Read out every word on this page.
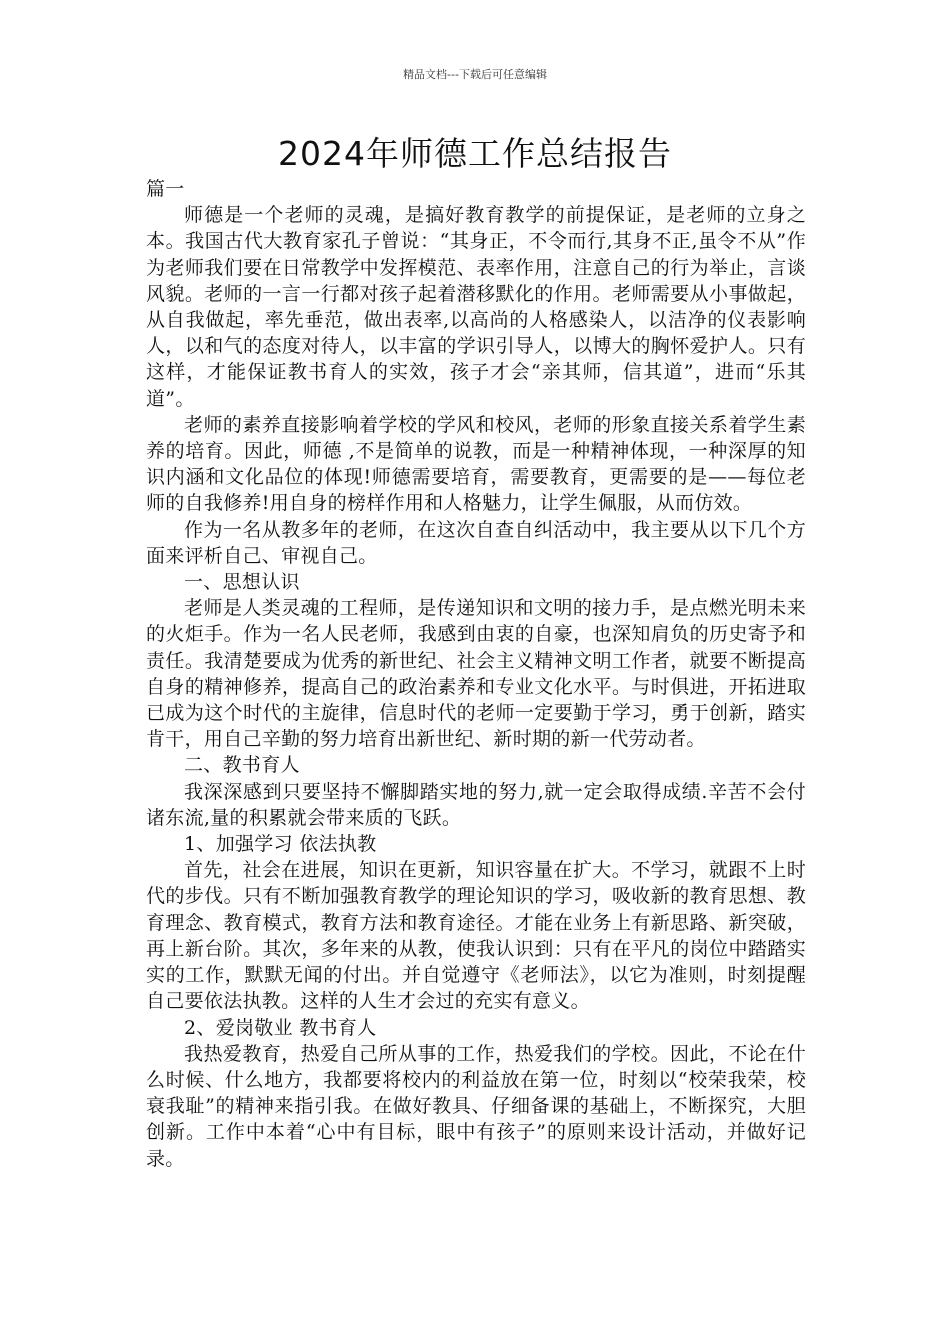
精品文档---下载后可任意编辑
2024年师德工作总结报告

篇一

师德是一个老师的灵魂，是搞好教育教学的前提保证，是老师的立身之本。我国古代大教育家孔子曾说：“其身正，不令而行,其身不正,虽令不从”作为老师我们要在日常教学中发挥模范、表率作用，注意自己的行为举止，言谈风貌。老师的一言一行都对孩子起着潜移默化的作用。老师需要从小事做起，从自我做起，率先垂范，做出表率,以高尚的人格感染人，以洁净的仪表影响人，以和气的态度对待人，以丰富的学识引导人，以博大的胸怀爱护人。只有这样，才能保证教书育人的实效，孩子才会“亲其师，信其道”，进而“乐其道”。

老师的素养直接影响着学校的学风和校风，老师的形象直接关系着学生素养的培育。因此，师德 ,不是简单的说教，而是一种精神体现，一种深厚的知识内涵和文化品位的体现!师德需要培育，需要教育，更需要的是——每位老师的自我修养!用自身的榜样作用和人格魅力，让学生佩服，从而仿效。

作为一名从教多年的老师，在这次自查自纠活动中，我主要从以下几个方面来评析自己、审视自己。

一、思想认识

老师是人类灵魂的工程师，是传递知识和文明的接力手，是点燃光明未来的火炬手。作为一名人民老师，我感到由衷的自豪，也深知肩负的历史寄予和责任。我清楚要成为优秀的新世纪、社会主义精神文明工作者，就要不断提高自身的精神修养，提高自己的政治素养和专业文化水平。与时俱进，开拓进取已成为这个时代的主旋律，信息时代的老师一定要勤于学习，勇于创新，踏实肯干，用自己辛勤的努力培育出新世纪、新时期的新一代劳动者。

二、教书育人

我深深感到只要坚持不懈脚踏实地的努力,就一定会取得成绩.辛苦不会付诸东流,量的积累就会带来质的飞跃。

1、加强学习 依法执教

首先，社会在进展，知识在更新，知识容量在扩大。不学习，就跟不上时代的步伐。只有不断加强教育教学的理论知识的学习，吸收新的教育思想、教育理念、教育模式，教育方法和教育途径。才能在业务上有新思路、新突破，再上新台阶。其次，多年来的从教，使我认识到：只有在平凡的岗位中踏踏实实的工作，默默无闻的付出。并自觉遵守《老师法》，以它为准则，时刻提醒自己要依法执教。这样的人生才会过的充实有意义。

2、爱岗敬业 教书育人

我热爱教育，热爱自己所从事的工作，热爱我们的学校。因此，不论在什么时候、什么地方，我都要将校内的利益放在第一位，时刻以“校荣我荣，校衰我耻”的精神来指引我。在做好教具、仔细备课的基础上，不断探究，大胆创新。工作中本着“心中有目标，眼中有孩子”的原则来设计活动，并做好记录。
